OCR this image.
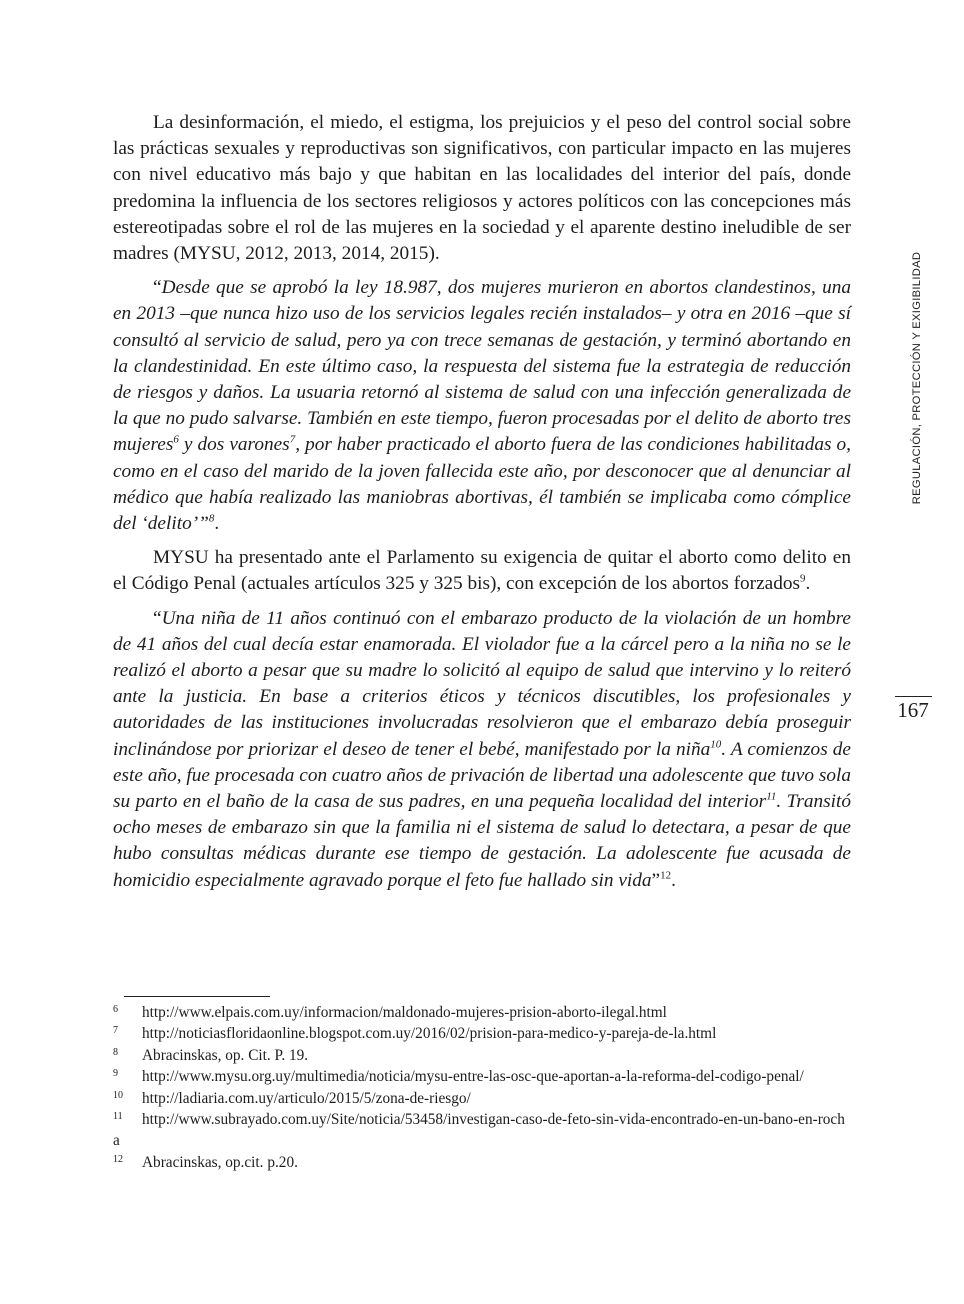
REGULACIÓN, PROTECCIÓN Y EXIGIBILIDAD
167

La desinformación, el miedo, el estigma, los prejuicios y el peso del control social sobre las prácticas sexuales y reproductivas son significativos, con particular impacto en las mujeres con nivel educativo más bajo y que habitan en las localidades del interior del país, donde predomina la influencia de los sectores religiosos y actores políticos con las concepciones más estereotipadas sobre el rol de las mujeres en la sociedad y el aparente destino ineludible de ser madres (MYSU, 2012, 2013, 2014, 2015).

“Desde que se aprobó la ley 18.987, dos mujeres murieron en abortos clandestinos, una en 2013 –que nunca hizo uso de los servicios legales recién instalados– y otra en 2016 –que sí consultó al servicio de salud, pero ya con trece semanas de gestación, y terminó abortando en la clandestinidad. En este último caso, la respuesta del sistema fue la estrategia de reducción de riesgos y daños. La usuaria retornó al sistema de salud con una infección generalizada de la que no pudo salvarse. También en este tiempo, fueron procesadas por el delito de aborto tres mujeres$^6$ y dos varones$^7$, por haber practicado el aborto fuera de las condiciones habilitadas o, como en el caso del marido de la joven fallecida este año, por desconocer que al denunciar al médico que había realizado las maniobras abortivas, él también se implicaba como cómplice del ‘delito’”$^8$.

MYSU ha presentado ante el Parlamento su exigencia de quitar el aborto como delito en el Código Penal (actuales artículos 325 y 325 bis), con excepción de los abortos forzados$^9$.

“Una niña de 11 años continuó con el embarazo producto de la violación de un hombre de 41 años del cual decía estar enamorada. El violador fue a la cárcel pero a la niña no se le realizó el aborto a pesar que su madre lo solicitó al equipo de salud que intervino y lo reiteró ante la justicia. En base a criterios éticos y técnicos discutibles, los profesionales y autoridades de las instituciones involucradas resolvieron que el embarazo debía proseguir inclinándose por priorizar el deseo de tener el bebé, manifestado por la niña$^{10}$. A comienzos de este año, fue procesada con cuatro años de privación de libertad una adolescente que tuvo sola su parto en el baño de la casa de sus padres, en una pequeña localidad del interior$^{11}$. Transitó ocho meses de embarazo sin que la familia ni el sistema de salud lo detectara, a pesar de que hubo consultas médicas durante ese tiempo de gestación. La adolescente fue acusada de homicidio especialmente agravado porque el feto fue hallado sin vida”$^{12}$.

6 http://www.elpais.com.uy/informacion/maldonado-mujeres-prision-aborto-ilegal.html

7 http://noticiasfloridaonline.blogspot.com.uy/2016/02/prision-para-medico-y-pareja-de-la.html

8 Abracinskas, op. Cit. P. 19.

9 http://www.mysu.org.uy/multimedia/noticia/mysu-entre-las-osc-que-aportan-a-la-reforma-del-codigo-penal/

10 http://ladiaria.com.uy/articulo/2015/5/zona-de-riesgo/

11 http://www.subrayado.com.uy/Site/noticia/53458/investigan-caso-de-feto-sin-vida-encontrado-en-un-bano-en-rocha

12 Abracinskas, op.cit. p.20.
